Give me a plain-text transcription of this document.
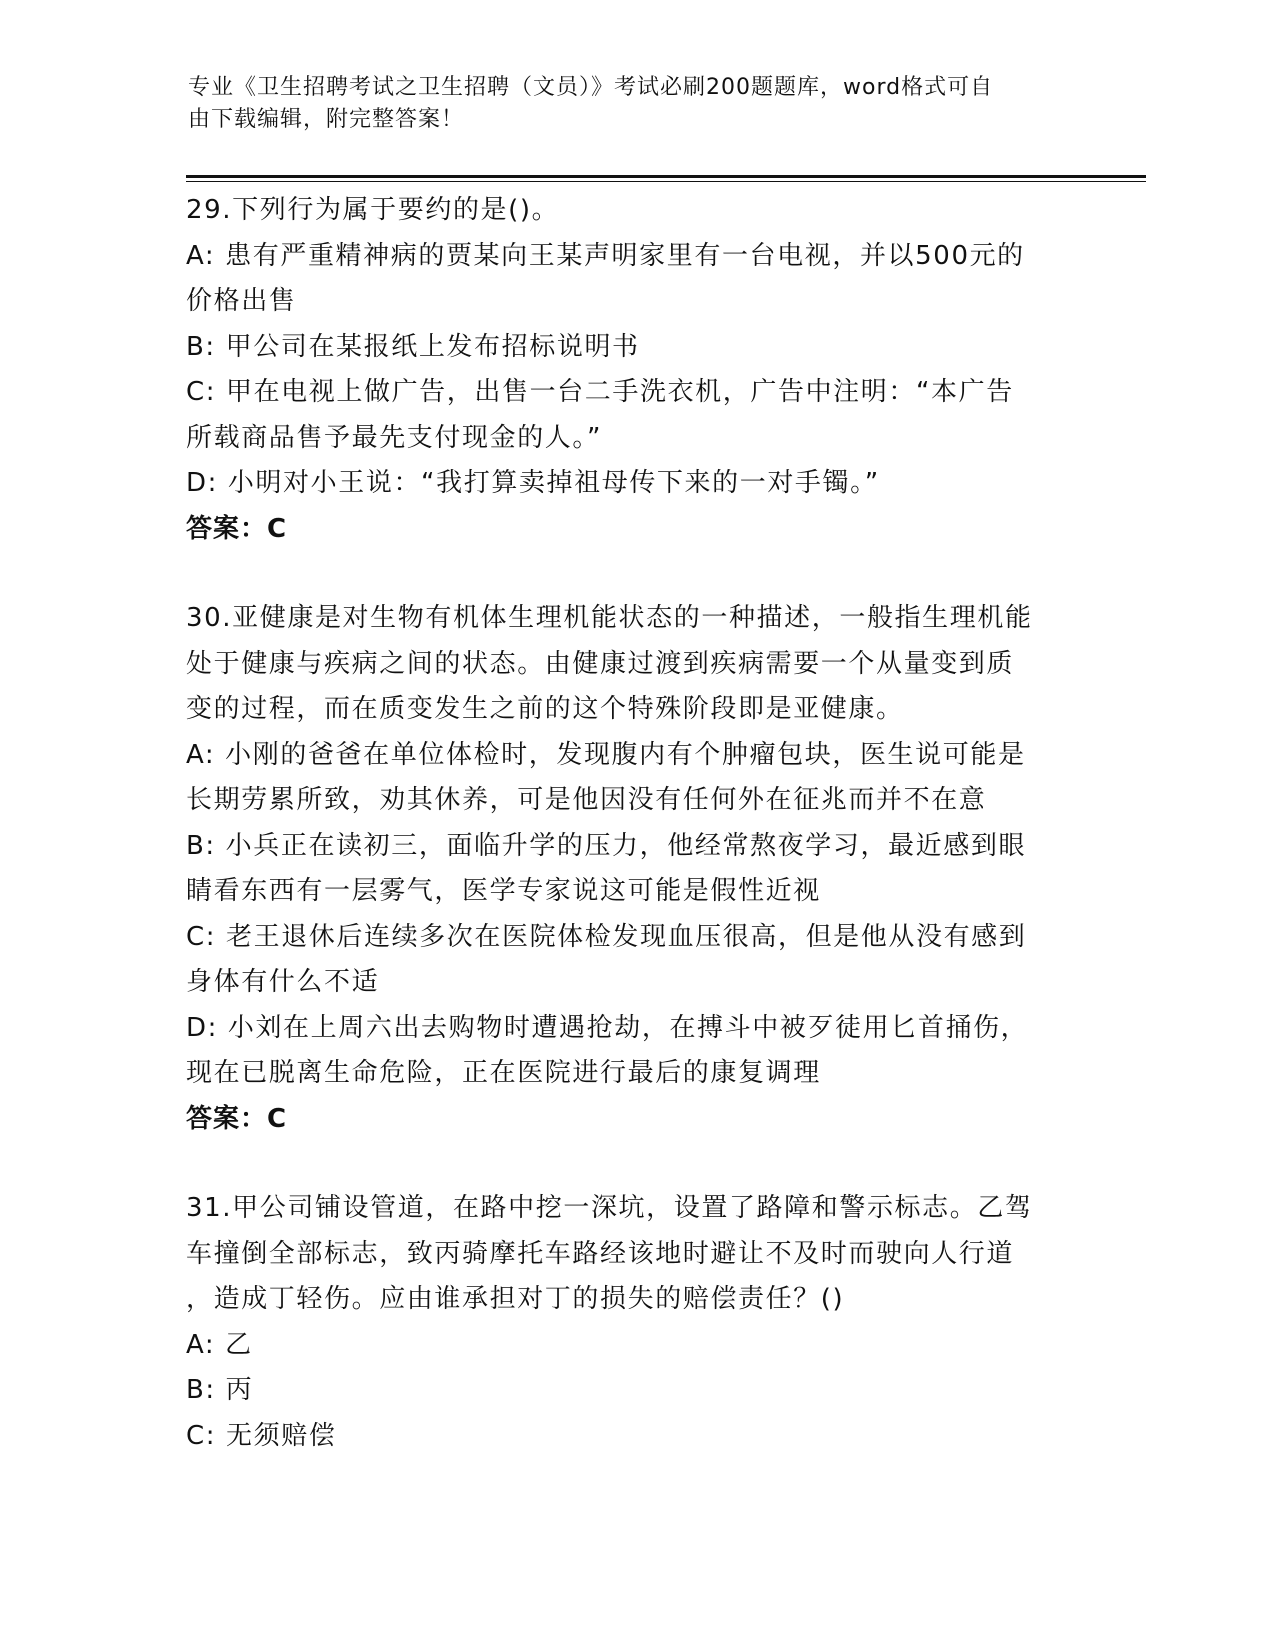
专业《卫生招聘考试之卫生招聘（文员）》考试必刷200题题库，word格式可自
由下载编辑，附完整答案！
29.下列行为属于要约的是()。
A: 患有严重精神病的贾某向王某声明家里有一台电视，并以500元的
价格出售
B: 甲公司在某报纸上发布招标说明书
C: 甲在电视上做广告，出售一台二手洗衣机，广告中注明：“本广告
所载商品售予最先支付现金的人。”
D: 小明对小王说：“我打算卖掉祖母传下来的一对手镯。”
答案：C
30.亚健康是对生物有机体生理机能状态的一种描述，一般指生理机能
处于健康与疾病之间的状态。由健康过渡到疾病需要一个从量变到质
变的过程，而在质变发生之前的这个特殊阶段即是亚健康。
A: 小刚的爸爸在单位体检时，发现腹内有个肿瘤包块，医生说可能是
长期劳累所致，劝其休养，可是他因没有任何外在征兆而并不在意
B: 小兵正在读初三，面临升学的压力，他经常熬夜学习，最近感到眼
睛看东西有一层雾气，医学专家说这可能是假性近视
C: 老王退休后连续多次在医院体检发现血压很高，但是他从没有感到
身体有什么不适
D: 小刘在上周六出去购物时遭遇抢劫，在搏斗中被歹徒用匕首捅伤，
现在已脱离生命危险，正在医院进行最后的康复调理
答案：C
31.甲公司铺设管道，在路中挖一深坑，设置了路障和警示标志。乙驾
车撞倒全部标志，致丙骑摩托车路经该地时避让不及时而驶向人行道
，造成丁轻伤。应由谁承担对丁的损失的赔偿责任？()
A: 乙
B: 丙
C: 无须赔偿
